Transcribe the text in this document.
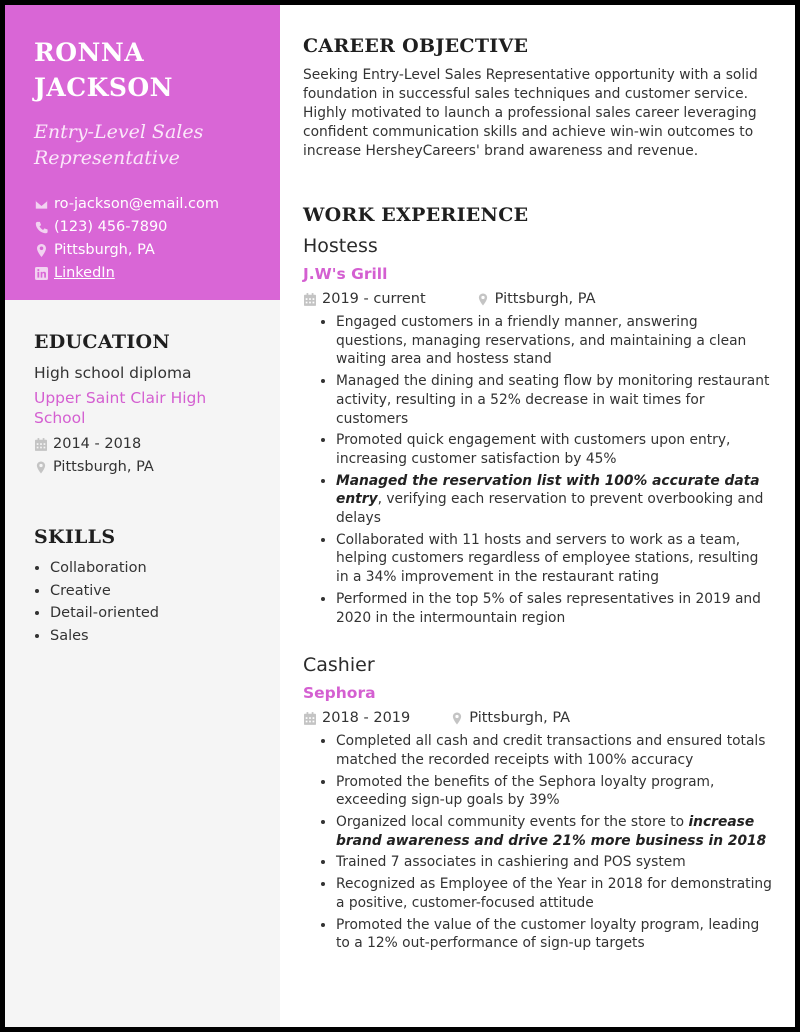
RONNA
JACKSON
Entry-Level Sales
Representative
ro-jackson@email.com
(123) 456-7890
Pittsburgh, PA
LinkedIn
EDUCATION
High school diploma
Upper Saint Clair High School
2014 - 2018
Pittsburgh, PA
SKILLS
• Collaboration
• Creative
• Detail-oriented
• Sales
CAREER OBJECTIVE
Seeking Entry-Level Sales Representative opportunity with a solid foundation in successful sales techniques and customer service. Highly motivated to launch a professional sales career leveraging confident communication skills and achieve win-win outcomes to increase HersheyCareers' brand awareness and revenue.
WORK EXPERIENCE
Hostess
J.W's Grill
2019 - current	Pittsburgh, PA
• Engaged customers in a friendly manner, answering questions, managing reservations, and maintaining a clean waiting area and hostess stand
• Managed the dining and seating flow by monitoring restaurant activity, resulting in a 52% decrease in wait times for customers
• Promoted quick engagement with customers upon entry, increasing customer satisfaction by 45%
• Managed the reservation list with 100% accurate data entry, verifying each reservation to prevent overbooking and delays
• Collaborated with 11 hosts and servers to work as a team, helping customers regardless of employee stations, resulting in a 34% improvement in the restaurant rating
• Performed in the top 5% of sales representatives in 2019 and 2020 in the intermountain region
Cashier
Sephora
2018 - 2019	Pittsburgh, PA
• Completed all cash and credit transactions and ensured totals matched the recorded receipts with 100% accuracy
• Promoted the benefits of the Sephora loyalty program, exceeding sign-up goals by 39%
• Organized local community events for the store to increase brand awareness and drive 21% more business in 2018
• Trained 7 associates in cashiering and POS system
• Recognized as Employee of the Year in 2018 for demonstrating a positive, customer-focused attitude
• Promoted the value of the customer loyalty program, leading to a 12% out-performance of sign-up targets
